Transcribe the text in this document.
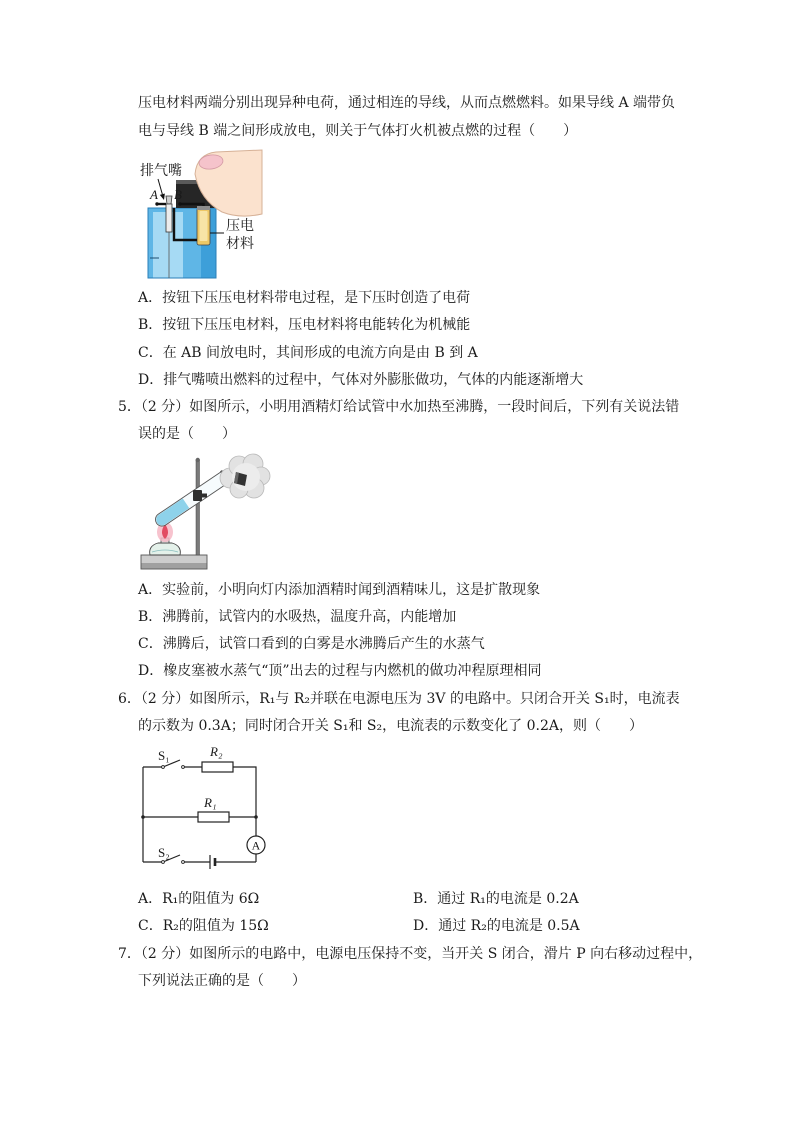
压电材料两端分别出现异种电荷，通过相连的导线，从而点燃燃料。如果导线 A 端带负
电与导线 B 端之间形成放电，则关于气体打火机被点燃的过程（　　）
排气嘴
A B
压电
材料
A．按钮下压压电材料带电过程，是下压时创造了电荷
B．按钮下压压电材料，压电材料将电能转化为机械能
C．在 AB 间放电时，其间形成的电流方向是由 B 到 A
D．排气嘴喷出燃料的过程中，气体对外膨胀做功，气体的内能逐渐增大
5．（2 分）如图所示，小明用酒精灯给试管中水加热至沸腾，一段时间后，下列有关说法错
误的是（　　）
A．实验前，小明向灯内添加酒精时闻到酒精味儿，这是扩散现象
B．沸腾前，试管内的水吸热，温度升高，内能增加
C．沸腾后，试管口看到的白雾是水沸腾后产生的水蒸气
D．橡皮塞被水蒸气“顶”出去的过程与内燃机的做功冲程原理相同
6．（2 分）如图所示，R₁与 R₂并联在电源电压为 3V 的电路中。只闭合开关 S₁时，电流表
的示数为 0.3A；同时闭合开关 S₁和 S₂，电流表的示数变化了 0.2A，则（　　）
S₁	R₂
R₁
A
S₂
A．R₁的阻值为 6Ω	B．通过 R₁的电流是 0.2A
C．R₂的阻值为 15Ω	D．通过 R₂的电流是 0.5A
7．（2 分）如图所示的电路中，电源电压保持不变，当开关 S 闭合，滑片 P 向右移动过程中，
下列说法正确的是（　　）
